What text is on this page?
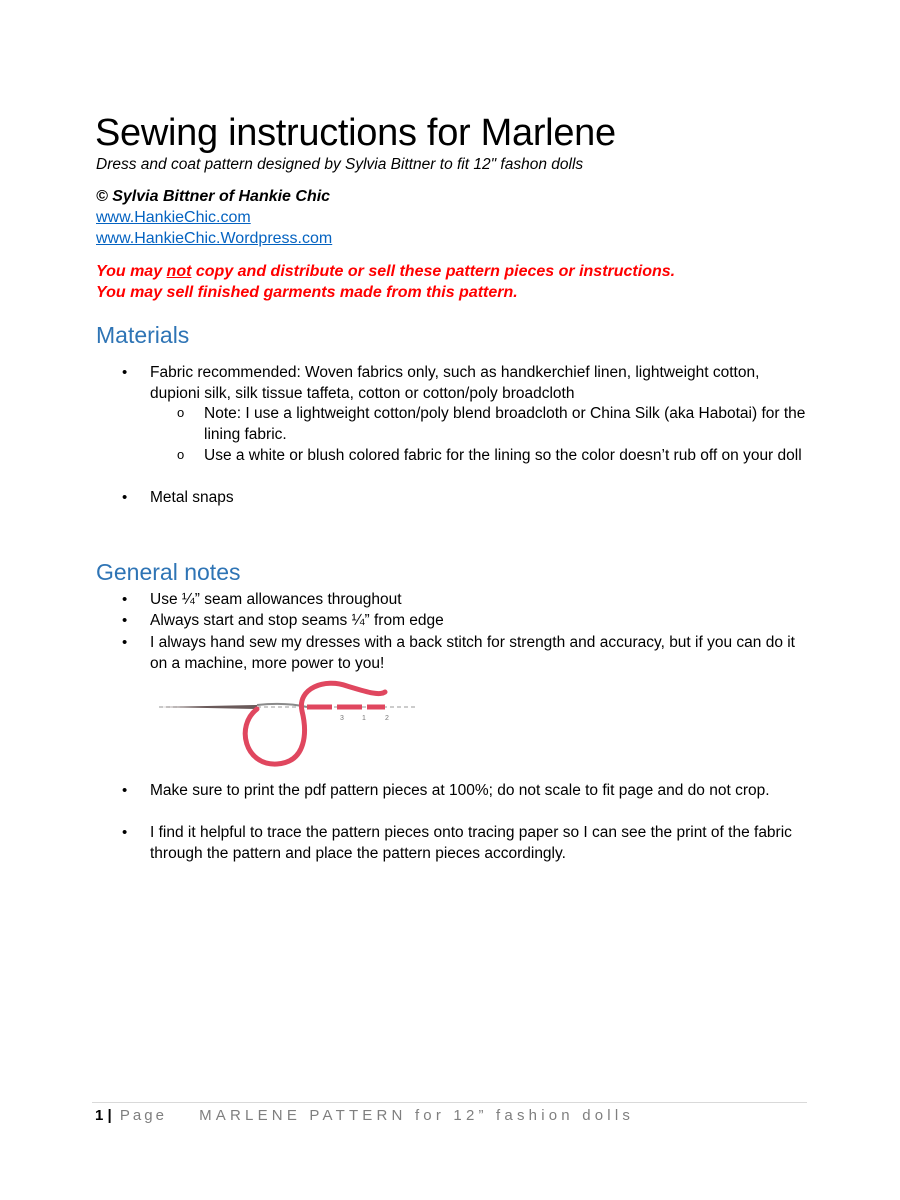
Sewing instructions for Marlene
Dress and coat pattern designed by Sylvia Bittner to fit 12" fashon dolls
© Sylvia Bittner of Hankie Chic
www.HankieChic.com
www.HankieChic.Wordpress.com
You may not copy and distribute or sell these pattern pieces or instructions.
You may sell finished garments made from this pattern.
Materials
• Fabric recommended: Woven fabrics only, such as handkerchief linen, lightweight cotton, dupioni silk, silk tissue taffeta, cotton or cotton/poly broadcloth
o Note: I use a lightweight cotton/poly blend broadcloth or China Silk (aka Habotai) for the lining fabric.
o Use a white or blush colored fabric for the lining so the color doesn’t rub off on your doll
• Metal snaps
General notes
• Use ¼” seam allowances throughout
• Always start and stop seams ¼” from edge
• I always hand sew my dresses with a back stitch for strength and accuracy, but if you can do it on a machine, more power to you!
3	1	2
• Make sure to print the pdf pattern pieces at 100%; do not scale to fit page and do not crop.
• I find it helpful to trace the pattern pieces onto tracing paper so I can see the print of the fabric through the pattern and place the pattern pieces accordingly.
1 | Page MARLENE PATTERN for 12” fashion dolls
